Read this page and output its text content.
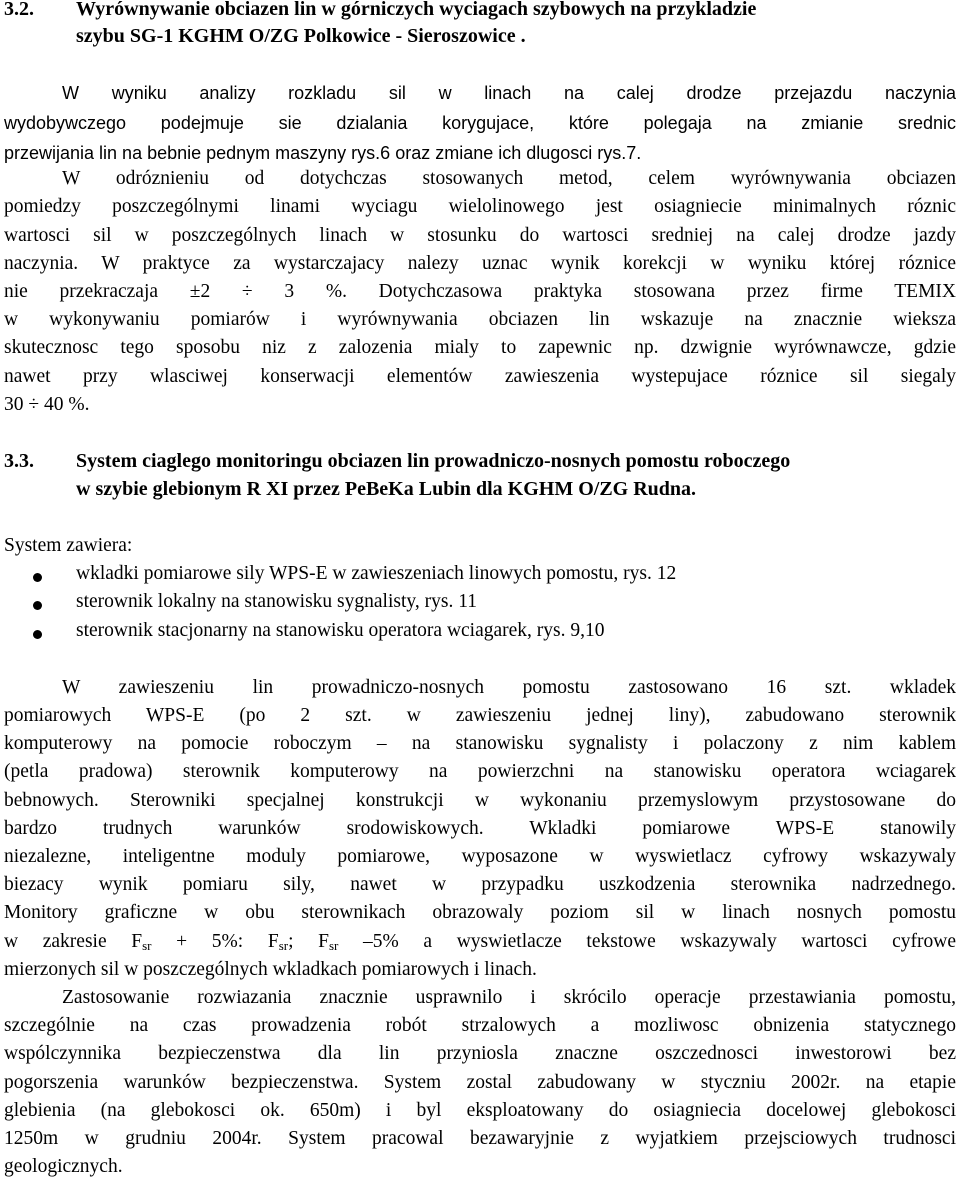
3.2. Wyrównywanie obciazen lin w górniczych wyciagach szybowych na przykladzie
szybu SG-1 KGHM O/ZG Polkowice - Sieroszowice .
W wyniku analizy rozkladu sil w linach na calej drodze przejazdu naczynia
wydobywczego podejmuje sie dzialania korygujace, które polegaja na zmianie srednic
przewijania lin na bebnie pednym maszyny rys.6 oraz zmiane ich dlugosci rys.7.
W odróznieniu od dotychczas stosowanych metod, celem wyrównywania obciazen
pomiedzy poszczególnymi linami wyciagu wielolinowego jest osiagniecie minimalnych róznic
wartosci sil w poszczególnych linach w stosunku do wartosci sredniej na calej drodze jazdy
naczynia. W praktyce za wystarczajacy nalezy uznac wynik korekcji w wyniku której róznice
nie przekraczaja ±2 ÷ 3 %. Dotychczasowa praktyka stosowana przez firme TEMIX
w wykonywaniu pomiarów i wyrównywania obciazen lin wskazuje na znacznie wieksza
skutecznosc tego sposobu niz z zalozenia mialy to zapewnic np. dzwignie wyrównawcze, gdzie
nawet przy wlasciwej konserwacji elementów zawieszenia wystepujace róznice sil siegaly
30 ÷ 40 %.
3.3. System ciaglego monitoringu obciazen lin prowadniczo-nosnych pomostu roboczego
w szybie glebionym R XI przez PeBeKa Lubin dla KGHM O/ZG Rudna.
System zawiera:
wkladki pomiarowe sily WPS-E w zawieszeniach linowych pomostu, rys. 12
sterownik lokalny na stanowisku sygnalisty, rys. 11
sterownik stacjonarny na stanowisku operatora wciagarek, rys. 9,10
W zawieszeniu lin prowadniczo-nosnych pomostu zastosowano 16 szt. wkladek
pomiarowych WPS-E (po 2 szt. w zawieszeniu jednej liny), zabudowano sterownik
komputerowy na pomocie roboczym – na stanowisku sygnalisty i polaczony z nim kablem
(petla pradowa) sterownik komputerowy na powierzchni na stanowisku operatora wciagarek
bebnowych. Sterowniki specjalnej konstrukcji w wykonaniu przemyslowym przystosowane do
bardzo trudnych warunków srodowiskowych. Wkladki pomiarowe WPS-E stanowily
niezalezne, inteligentne moduly pomiarowe, wyposazone w wyswietlacz cyfrowy wskazywaly
biezacy wynik pomiaru sily, nawet w przypadku uszkodzenia sterownika nadrzednego.
Monitory graficzne w obu sterownikach obrazowaly poziom sil w linach nosnych pomostu
w zakresie $F_{sr} + 5\%$: $F_{sr}$; $F_{sr}$ –5% a wyswietlacze tekstowe wskazywaly wartosci cyfrowe
mierzonych sil w poszczególnych wkladkach pomiarowych i linach.
Zastosowanie rozwiazania znacznie usprawnilo i skrócilo operacje przestawiania pomostu,
szczególnie na czas prowadzenia robót strzalowych a mozliwosc obnizenia statycznego
wspólczynnika bezpieczenstwa dla lin przyniosla znaczne oszczednosci inwestorowi bez
pogorszenia warunków bezpieczenstwa. System zostal zabudowany w styczniu 2002r. na etapie
glebienia (na glebokosci ok. 650m) i byl eksploatowany do osiagniecia docelowej glebokosci
1250m w grudniu 2004r. System pracowal bezawaryjnie z wyjatkiem przejsciowych trudnosci
geologicznych.
